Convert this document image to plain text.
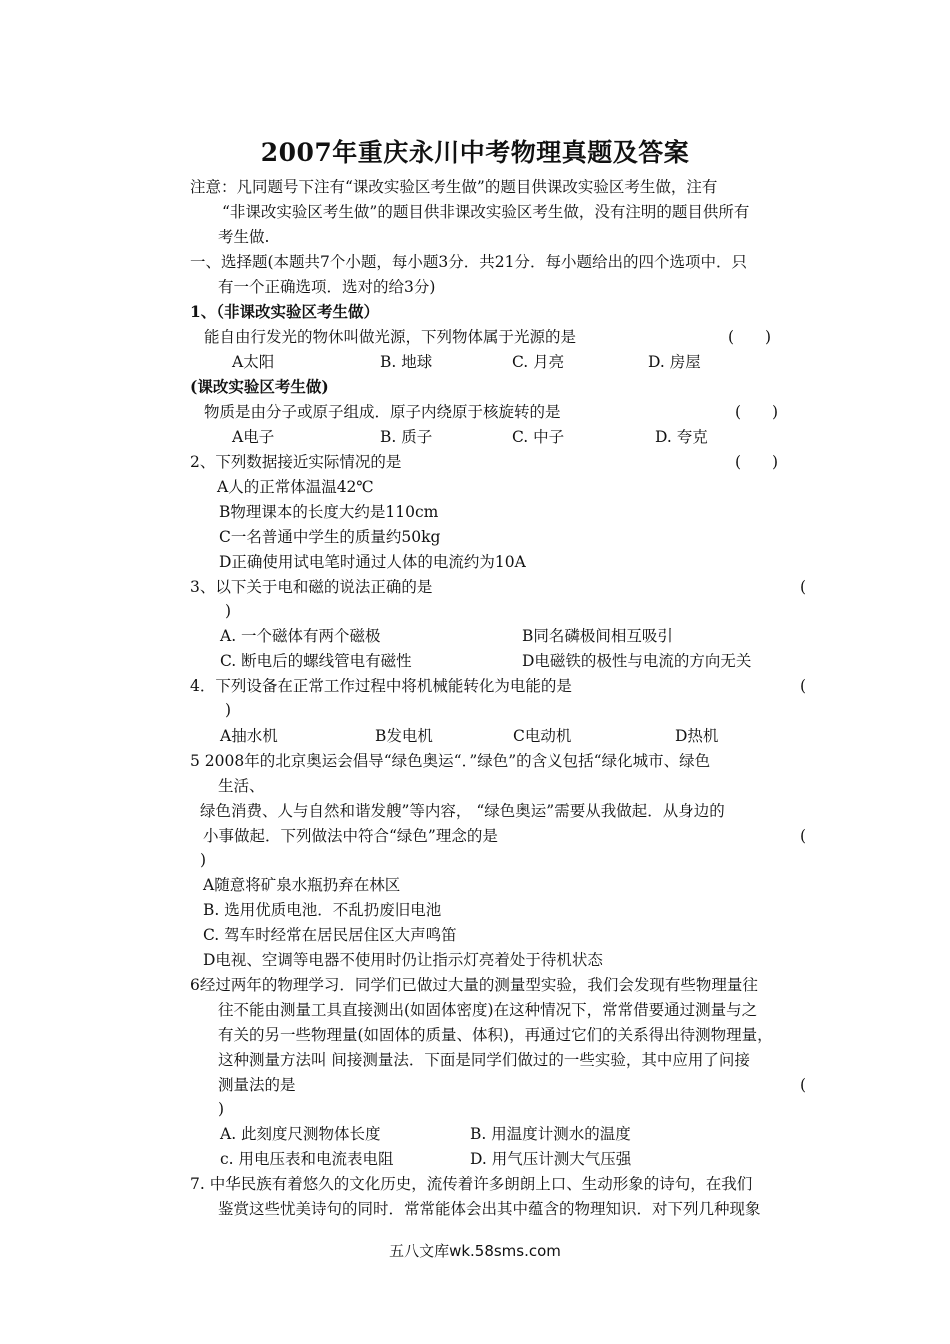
2007年重庆永川中考物理真题及答案
注意：凡同题号下注有“课改实验区考生做”的题目供课改实验区考生做，注有
“非课改实验区考生做”的题目供非课改实验区考生做，没有注明的题目供所有
考生做.
一、选择题(本题共7个小题，每小题3分．共21分．每小题给出的四个选项中．只
有一个正确选项．选对的给3分)
1、（非课改实验区考生做）
能自由行发光的物休叫做光源，下列物体属于光源的是	(　　)
A太阳	B. 地球	C. 月亮	D. 房屋
(课改实验区考生做)
物质是由分子或原子组成．原子内绕原于核旋转的是	(　　)
A电子	B. 质子	C. 中子	D. 夸克
2、下列数据接近实际情况的是	(　　)
A人的正常体温温42℃
B物理课本的长度大约是110cm
C一名普通中学生的质量约50kg
D正确使用试电笔时通过人体的电流约为10A
3、以下关于电和磁的说法正确的是	(
)
A. 一个磁体有两个磁极	B同名磷极间相互吸引
C. 断电后的螺线管电有磁性	D电磁铁的极性与电流的方向无关
4．下列设备在正常工作过程中将机械能转化为电能的是	(
)
A抽水机	B发电机	C电动机	D热机
5 2008年的北京奥运会倡导“绿色奥运“．”绿色”的含义包括“绿化城市、绿色
生活、
绿色消费、人与自然和谐发艘”等内容， “绿色奥运”需要从我做起．从身边的
小事做起．下列做法中符合“绿色”理念的是	(
)
A随意将矿泉水瓶扔弃在林区
B. 选用优质电池．不乱扔废旧电池
C. 驾车时经常在居民居住区大声鸣笛
D电视、空调等电器不使用时仍让指示灯亮着处于待机状态
6经过两年的物理学习．同学们已做过大量的测量型实验，我们会发现有些物理量往
往不能由测量工具直接测出(如固体密度)在这种情况下，常常借要通过测量与之
有关的另一些物理量(如固体的质量、体积)，再通过它们的关系得出待测物理量，
这种测量方法叫 间接测量法．下面是同学们做过的一些实验，其中应用了问接
测量法的是	(
)
A. 此刻度尺测物体长度	B. 用温度计测水的温度
c. 用电压表和电流表电阻	D. 用气压计测大气压强
7. 中华民族有着悠久的文化历史，流传着许多朗朗上口、生动形象的诗句，在我们
鉴赏这些忧美诗句的同时．常常能体会出其中蕴含的物理知识．对下列几种现象
五八文库wk.58sms.com
